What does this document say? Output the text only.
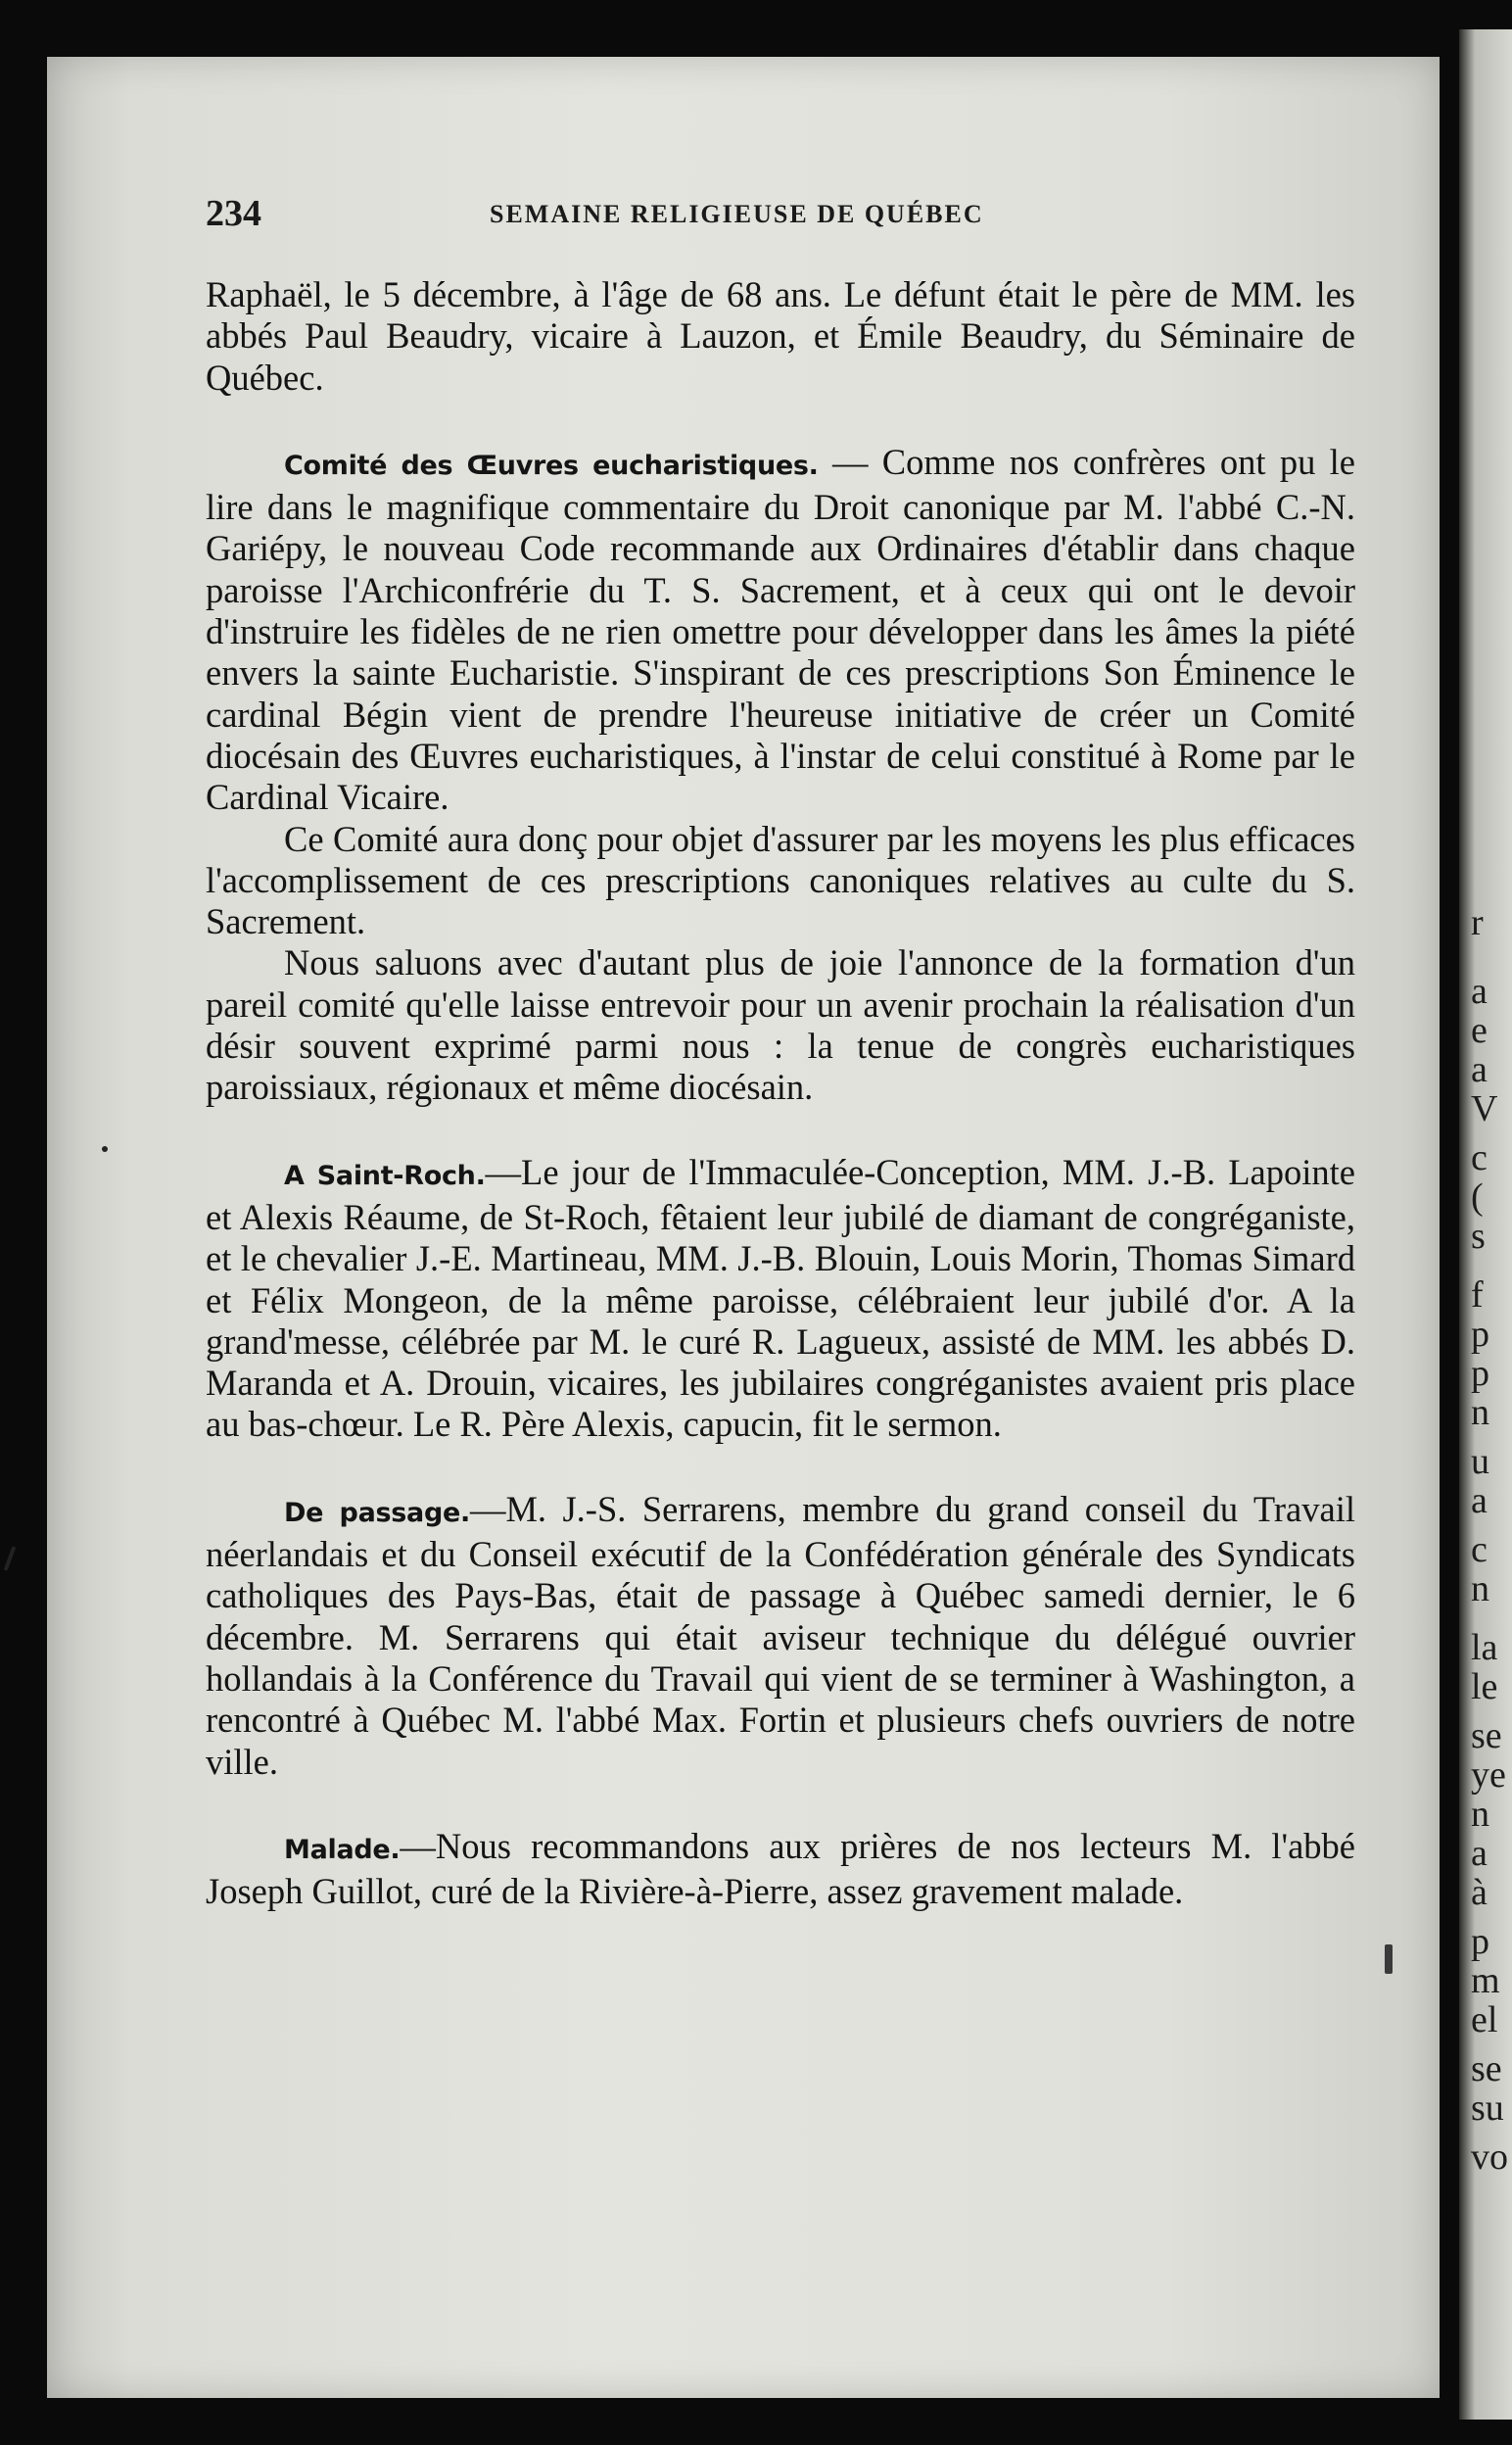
r
a
e
a
V
c
(
s
f
p
p
n
u
a
c
n
la
le
se
ye
n
a
à
p
m
el
se
su
vo
234	SEMAINE RELIGIEUSE DE QUÉBEC

Raphaël, le 5 décembre, à l'âge de 68 ans. Le défunt était le père de MM. les abbés Paul Beaudry, vicaire à Lauzon, et Émile Beaudry, du Séminaire de Québec.

Comité des Œuvres eucharistiques. — Comme nos confrères ont pu le lire dans le magnifique commentaire du Droit canonique par M. l'abbé C.-N. Gariépy, le nouveau Code recommande aux Ordinaires d'établir dans chaque paroisse l'Archiconfrérie du T. S. Sacrement, et à ceux qui ont le devoir d'instruire les fidèles de ne rien omettre pour développer dans les âmes la piété envers la sainte Eucharistie. S'inspirant de ces prescriptions Son Éminence le cardinal Bégin vient de prendre l'heureuse initiative de créer un Comité diocésain des Œuvres eucharistiques, à l'instar de celui constitué à Rome par le Cardinal Vicaire.

Ce Comité aura donç pour objet d'assurer par les moyens les plus efficaces l'accomplissement de ces prescriptions canoniques relatives au culte du S. Sacrement.

Nous saluons avec d'autant plus de joie l'annonce de la formation d'un pareil comité qu'elle laisse entrevoir pour un avenir prochain la réalisation d'un désir souvent exprimé parmi nous : la tenue de congrès eucharistiques paroissiaux, régionaux et même diocésain.

A Saint-Roch.—Le jour de l'Immaculée-Conception, MM. J.-B. Lapointe et Alexis Réaume, de St-Roch, fêtaient leur jubilé de diamant de congréganiste, et le chevalier J.-E. Martineau, MM. J.-B. Blouin, Louis Morin, Thomas Simard et Félix Mongeon, de la même paroisse, célébraient leur jubilé d'or. A la grand'messe, célébrée par M. le curé R. Lagueux, assisté de MM. les abbés D. Maranda et A. Drouin, vicaires, les jubilaires congréganistes avaient pris place au bas-chœur. Le R. Père Alexis, capucin, fit le sermon.

De passage.—M. J.-S. Serrarens, membre du grand conseil du Travail néerlandais et du Conseil exécutif de la Confédération générale des Syndicats catholiques des Pays-Bas, était de passage à Québec samedi dernier, le 6 décembre. M. Serrarens qui était aviseur technique du délégué ouvrier hollandais à la Conférence du Travail qui vient de se terminer à Washington, a rencontré à Québec M. l'abbé Max. Fortin et plusieurs chefs ouvriers de notre ville.

Malade.—Nous recommandons aux prières de nos lecteurs M. l'abbé Joseph Guillot, curé de la Rivière-à-Pierre, assez gravement malade.
